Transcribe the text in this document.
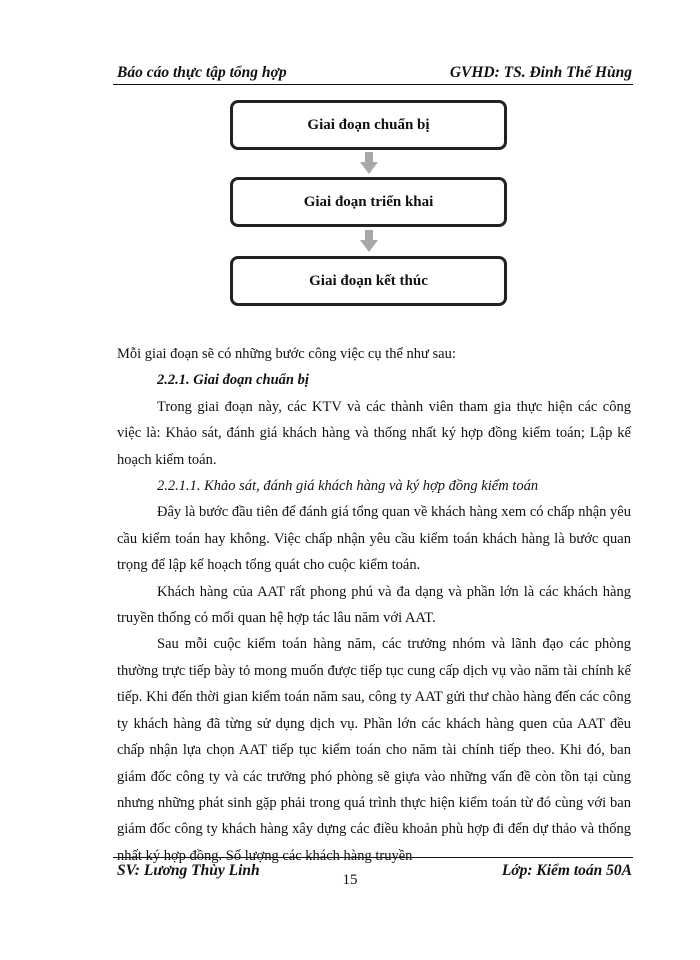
Báo cáo thực tập tổng hợp	GVHD: TS. Đinh Thế Hùng
Giai đoạn chuẩn bị
Giai đoạn triển khai
Giai đoạn kết thúc

Mỗi giai đoạn sẽ có những bước công việc cụ thể như sau:

2.2.1. Giai đoạn chuẩn bị

Trong giai đoạn này, các KTV và các thành viên tham gia thực hiện các công việc là: Khảo sát, đánh giá khách hàng và thống nhất ký hợp đồng kiểm toán; Lập kế hoạch kiểm toán.

2.2.1.1. Khảo sát, đánh giá khách hàng và ký hợp đồng kiểm toán

Đây là bước đầu tiên để đánh giá tổng quan về khách hàng xem có chấp nhận yêu cầu kiểm toán hay không. Việc chấp nhận yêu cầu kiểm toán khách hàng là bước quan trọng để lập kế hoạch tổng quát cho cuộc kiểm toán.

Khách hàng của AAT rất phong phú và đa dạng và phần lớn là các khách hàng truyền thống có mối quan hệ hợp tác lâu năm với AAT.

Sau mỗi cuộc kiểm toán hàng năm, các trưởng nhóm và lãnh đạo các phòng thường trực tiếp bày tỏ mong muốn được tiếp tục cung cấp dịch vụ vào năm tài chính kế tiếp. Khi đến thời gian kiểm toán năm sau, công ty AAT gửi thư chào hàng đến các công ty khách hàng đã từng sử dụng dịch vụ. Phần lớn các khách hàng quen của AAT đều chấp nhận lựa chọn AAT tiếp tục kiểm toán cho năm tài chính tiếp theo. Khi đó, ban giám đốc công ty và các trưởng phó phòng sẽ giựa vào những vấn đề còn tồn tại cùng nhưng những phát sinh gặp phải trong quá trình thực hiện kiểm toán từ đó cùng với ban giám đốc công ty khách hàng xây dựng các điều khoản phù hợp đi đến dự thảo và thống nhất ký hợp đồng. Số lượng các khách hàng truyền

SV: Lương Thùy Linh
15
Lớp: Kiểm toán 50A
